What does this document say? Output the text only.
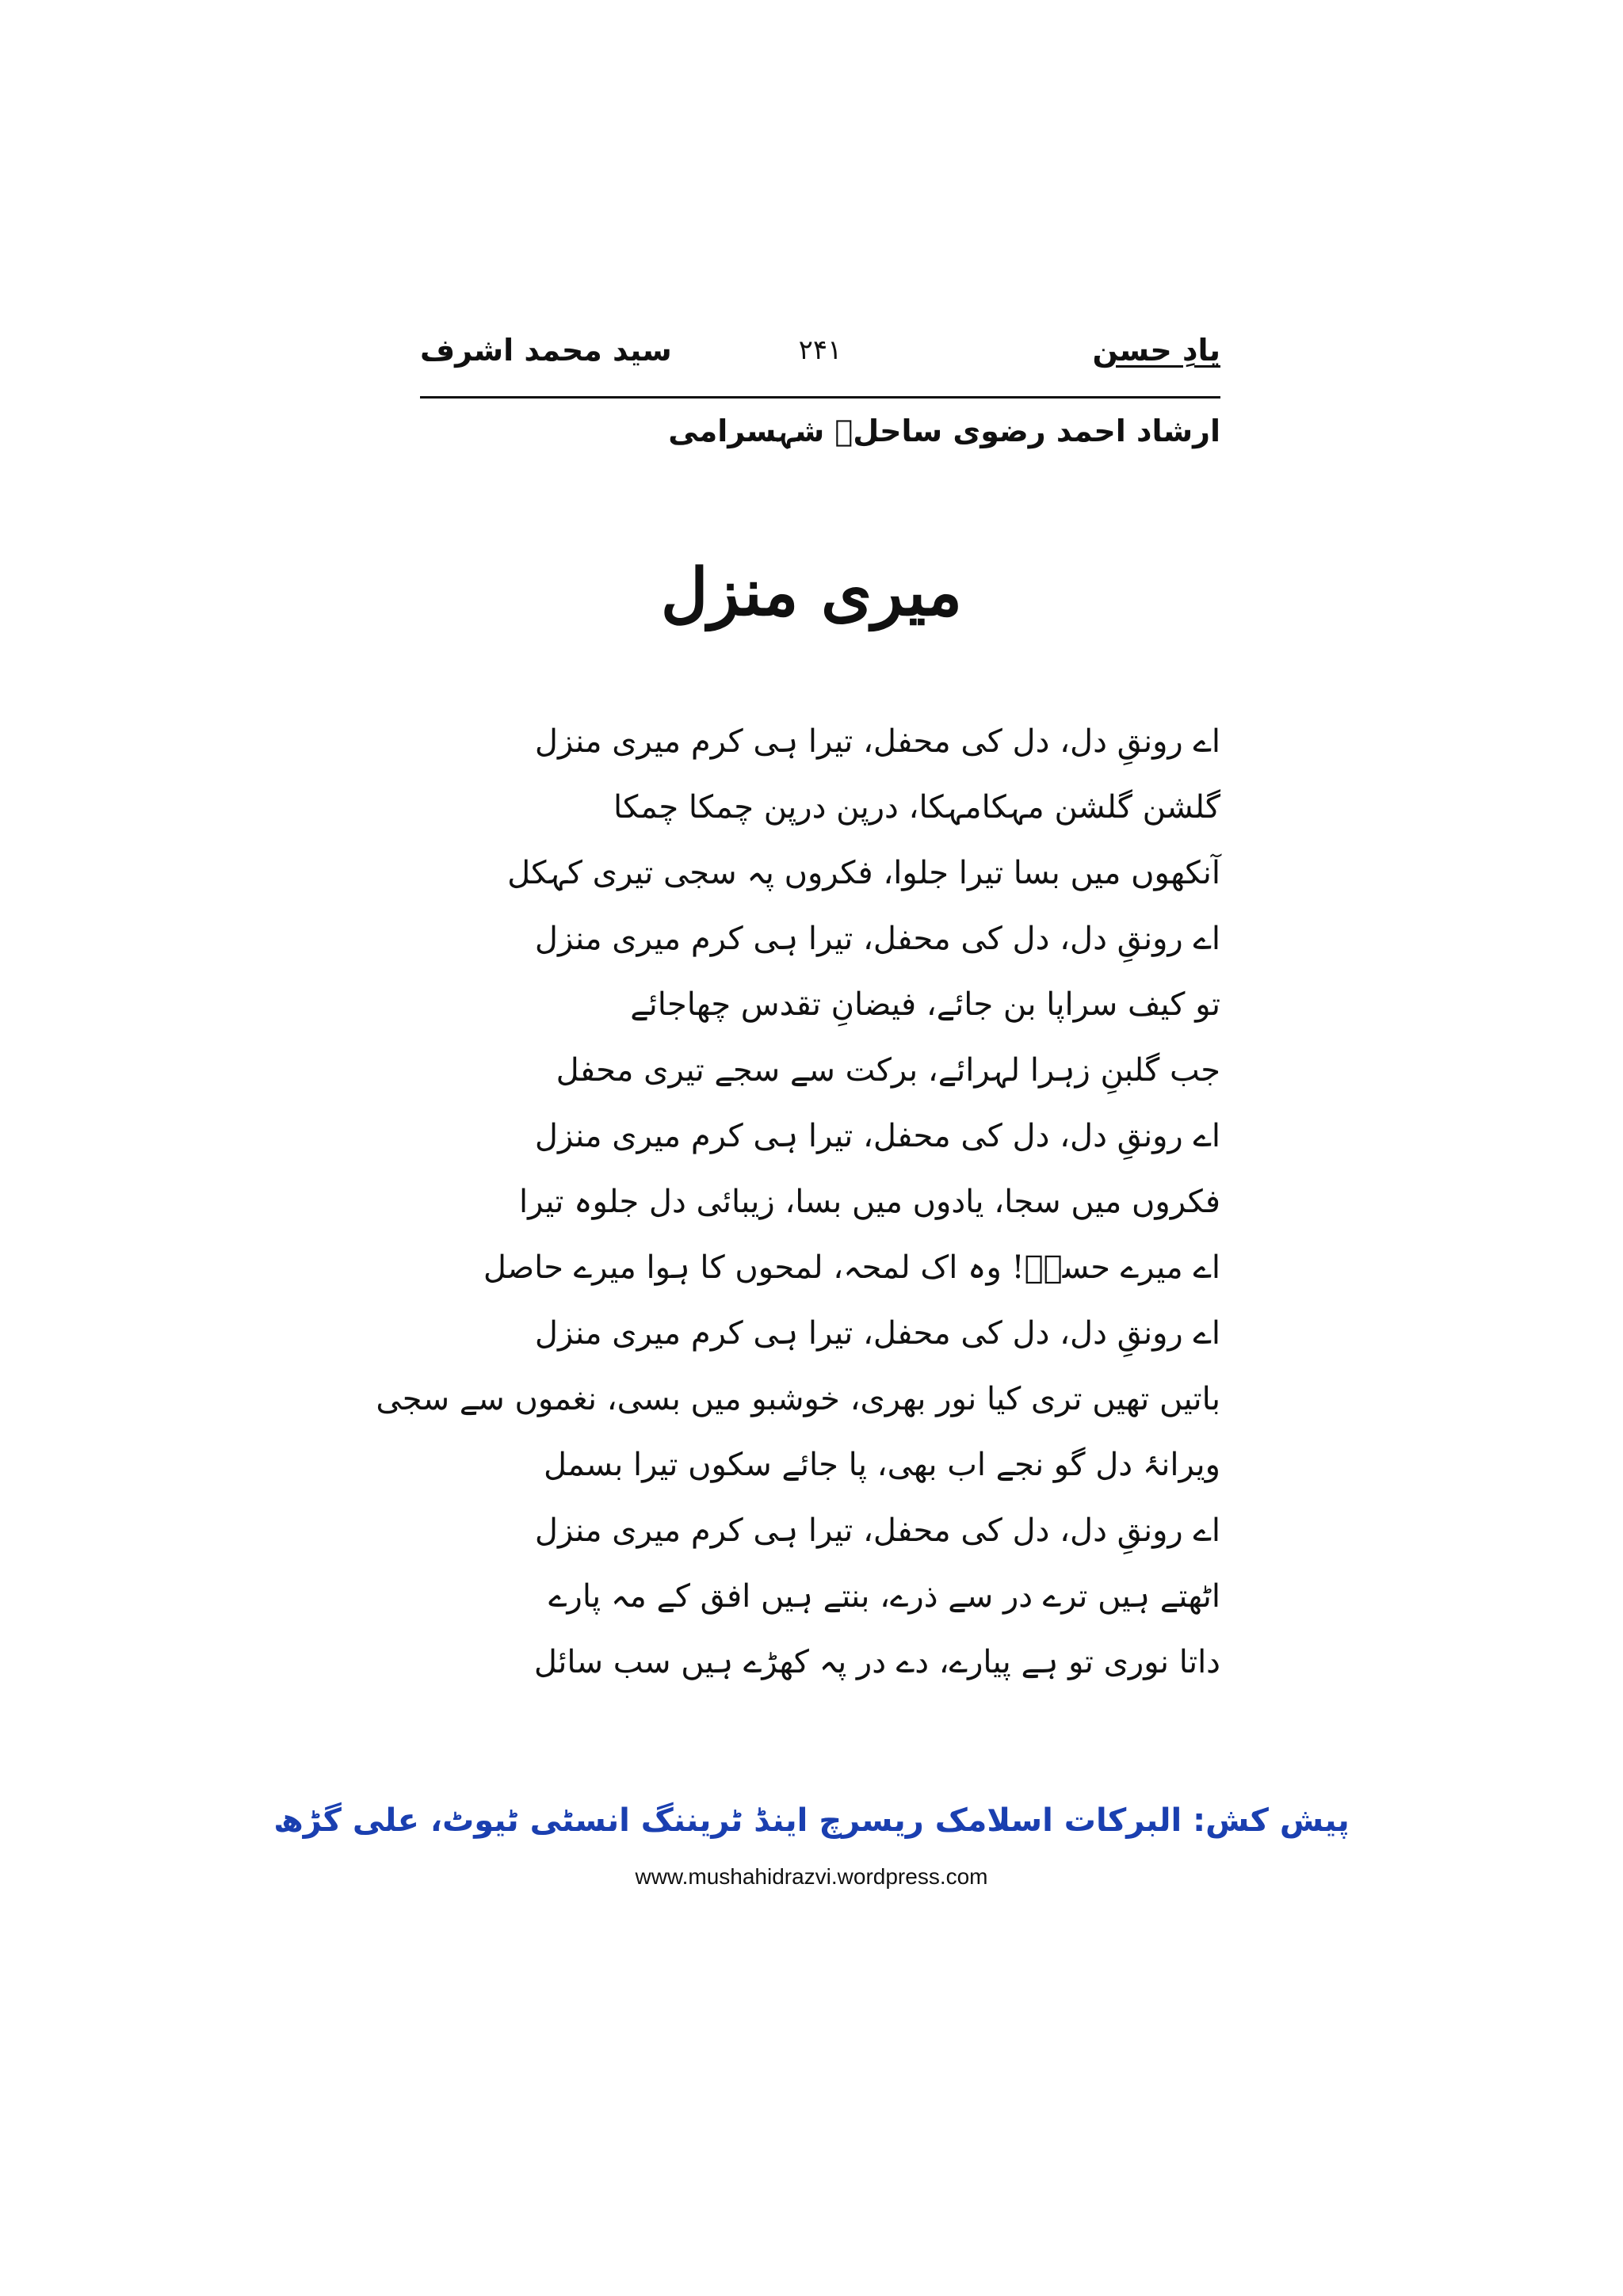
یادِ حسن
۲۴۱
سید محمد اشرف
ارشاد احمد رضوی ساحلؔ شہسرامی
میری منزل
اے رونقِ دل، دل کی محفل، تیرا ہی کرم میری منزل
گلشن گلشن مہکامہکا، درپن درپن چمکا چمکا
آنکھوں میں بسا تیرا جلوا، فکروں پہ سجی تیری کہکل
اے رونقِ دل، دل کی محفل، تیرا ہی کرم میری منزل
تو کیف سراپا بن جائے، فیضانِ تقدس چھاجائے
جب گلبنِ زہرا لہرائے، برکت سے سجے تیری محفل
اے رونقِ دل، دل کی محفل، تیرا ہی کرم میری منزل
فکروں میں سجا، یادوں میں بسا، زیبائی دل جلوہ تیرا
اے میرے حسنؔ! وہ اک لمحہ، لمحوں کا ہوا میرے حاصل
اے رونقِ دل، دل کی محفل، تیرا ہی کرم میری منزل
باتیں تھیں تری کیا نور بھری، خوشبو میں بسی، نغموں سے سجی
ویرانۂ دل گو نجے اب بھی، پا جائے سکوں تیرا بسمل
اے رونقِ دل، دل کی محفل، تیرا ہی کرم میری منزل
اٹھتے ہیں ترے در سے ذرے، بنتے ہیں افق کے مہ پارے
داتا نوری تو ہے پیارے، دے در پہ کھڑے ہیں سب سائل
پیش کش: البرکات اسلامک ریسرچ اینڈ ٹریننگ انسٹی ٹیوٹ، علی گڑھ
www.mushahidrazvi.wordpress.com
